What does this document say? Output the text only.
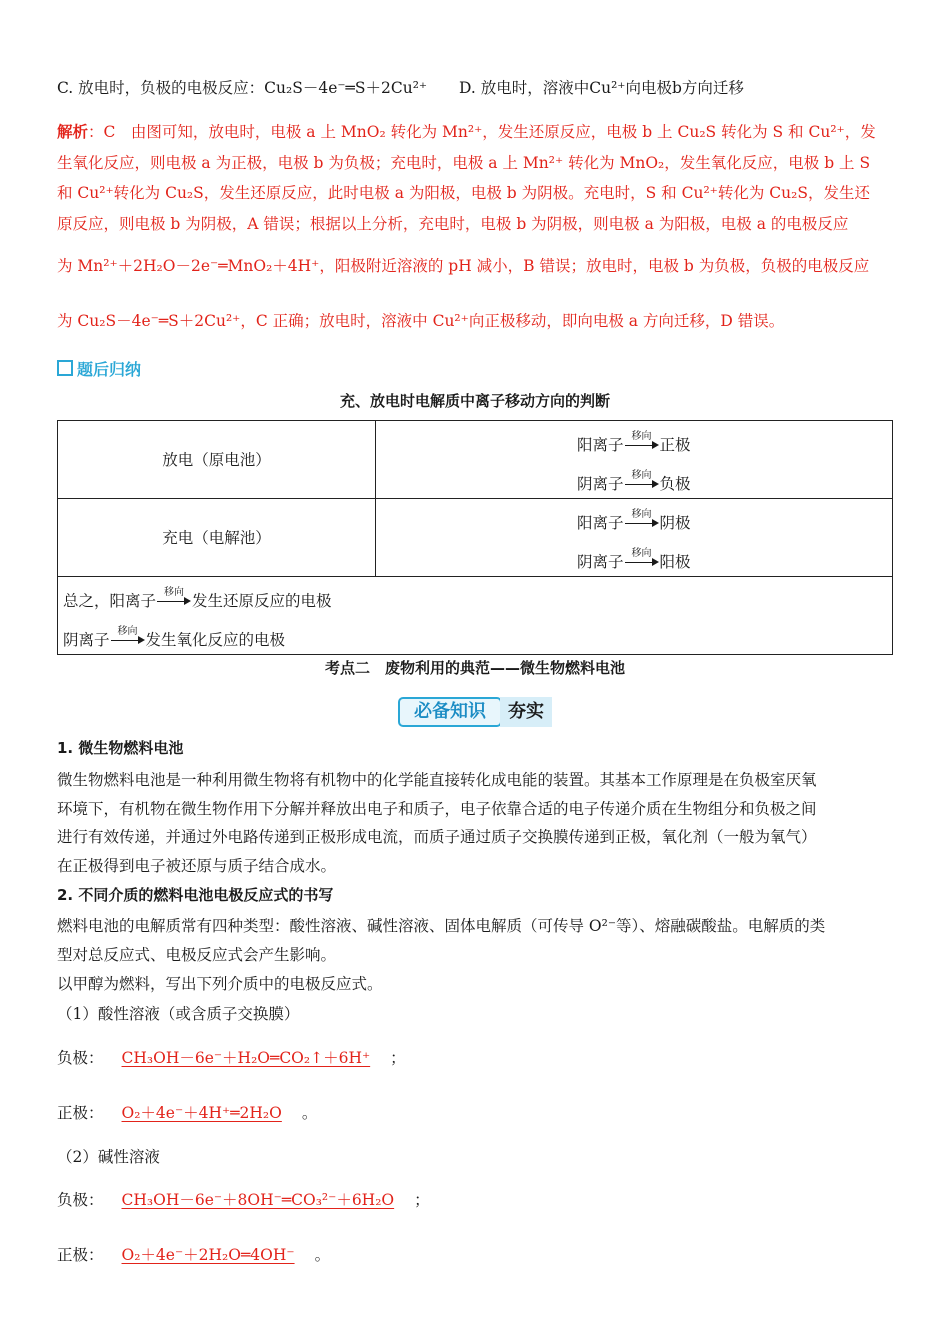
C. 放电时，负极的电极反应：Cu₂S－4e⁻═S＋2Cu²⁺ D. 放电时，溶液中Cu²⁺向电极b方向迁移
解析：C　由图可知，放电时，电极 a 上 MnO₂ 转化为 Mn²⁺，发生还原反应，电极 b 上 Cu₂S 转化为 S 和 Cu²⁺，发
生氧化反应，则电极 a 为正极，电极 b 为负极；充电时，电极 a 上 Mn²⁺ 转化为 MnO₂，发生氧化反应，电极 b 上 S
和 Cu²⁺转化为 Cu₂S，发生还原反应，此时电极 a 为阳极，电极 b 为阴极。充电时，S 和 Cu²⁺转化为 Cu₂S，发生还
原反应，则电极 b 为阴极，A 错误；根据以上分析，充电时，电极 b 为阴极，则电极 a 为阳极，电极 a 的电极反应
为 Mn²⁺＋2H₂O－2e⁻═MnO₂＋4H⁺，阳极附近溶液的 pH 减小，B 错误；放电时，电极 b 为负极，负极的电极反应
为 Cu₂S－4e⁻═S＋2Cu²⁺，C 正确；放电时，溶液中 Cu²⁺向正极移动，即向电极 a 方向迁移，D 错误。
题后归纳
充、放电时电解质中离子移动方向的判断
放电（原电池）
阳离子 移向 正极
阴离子 移向 负极
充电（电解池）
阳离子 移向 阴极
阴离子 移向 阳极
总之，阳离子 移向 发生还原反应的电极
阴离子 移向 发生氧化反应的电极
考点二　废物利用的典范——微生物燃料电池
必备知识	夯实
1. 微生物燃料电池
微生物燃料电池是一种利用微生物将有机物中的化学能直接转化成电能的装置。其基本工作原理是在负极室厌氧
环境下，有机物在微生物作用下分解并释放出电子和质子，电子依靠合适的电子传递介质在生物组分和负极之间
进行有效传递，并通过外电路传递到正极形成电流，而质子通过质子交换膜传递到正极，氧化剂（一般为氧气）
在正极得到电子被还原与质子结合成水。
2. 不同介质的燃料电池电极反应式的书写
燃料电池的电解质常有四种类型：酸性溶液、碱性溶液、固体电解质（可传导 O²⁻等）、熔融碳酸盐。电解质的类
型对总反应式、电极反应式会产生影响。
以甲醇为燃料，写出下列介质中的电极反应式。
（1）酸性溶液（或含质子交换膜）
负极： CH₃OH－6e⁻＋H₂O═CO₂↑＋6H⁺ ；
正极： O₂＋4e⁻＋4H⁺═2H₂O 。
（2）碱性溶液
负极： CH₃OH－6e⁻＋8OH⁻═CO₃²⁻＋6H₂O ；
正极： O₂＋4e⁻＋2H₂O═4OH⁻ 。
